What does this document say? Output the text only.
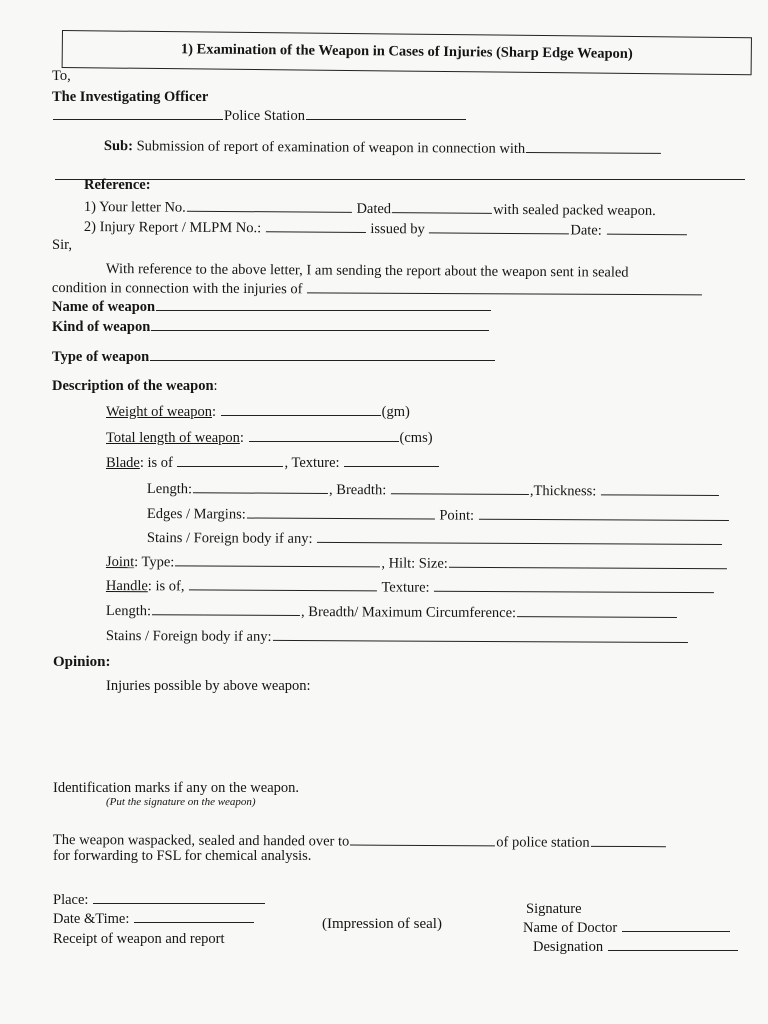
1) Examination of the Weapon in Cases of Injuries (Sharp Edge Weapon)
To,
The Investigating Officer
Police Station
Sub: Submission of report of examination of weapon in connection with
Reference:
1) Your letter No.	Dated	with sealed packed weapon.
2) Injury Report / MLPM No.:	issued by	Date:
Sir,
With reference to the above letter, I am sending the report about the weapon sent in sealed
condition in connection with the injuries of
Name of weapon
Kind of weapon
Type of weapon
Description of the weapon:
Weight of weapon:	(gm)
Total length of weapon:	(cms)
Blade: is of	, Texture:
Length:	, Breadth:	,Thickness:
Edges / Margins:	Point:
Stains / Foreign body if any:
Joint: Type:	, Hilt: Size:
Handle: is of,	Texture:
Length:	, Breadth/ Maximum Circumference:
Stains / Foreign body if any:
Opinion:
Injuries possible by above weapon:
Identification marks if any on the weapon.
(Put the signature on the weapon)
The weapon waspacked, sealed and handed over to	of police station
for forwarding to FSL for chemical analysis.
Place:
Date &Time:
Receipt of weapon and report
(Impression of seal)
Signature
Name of Doctor
Designation
